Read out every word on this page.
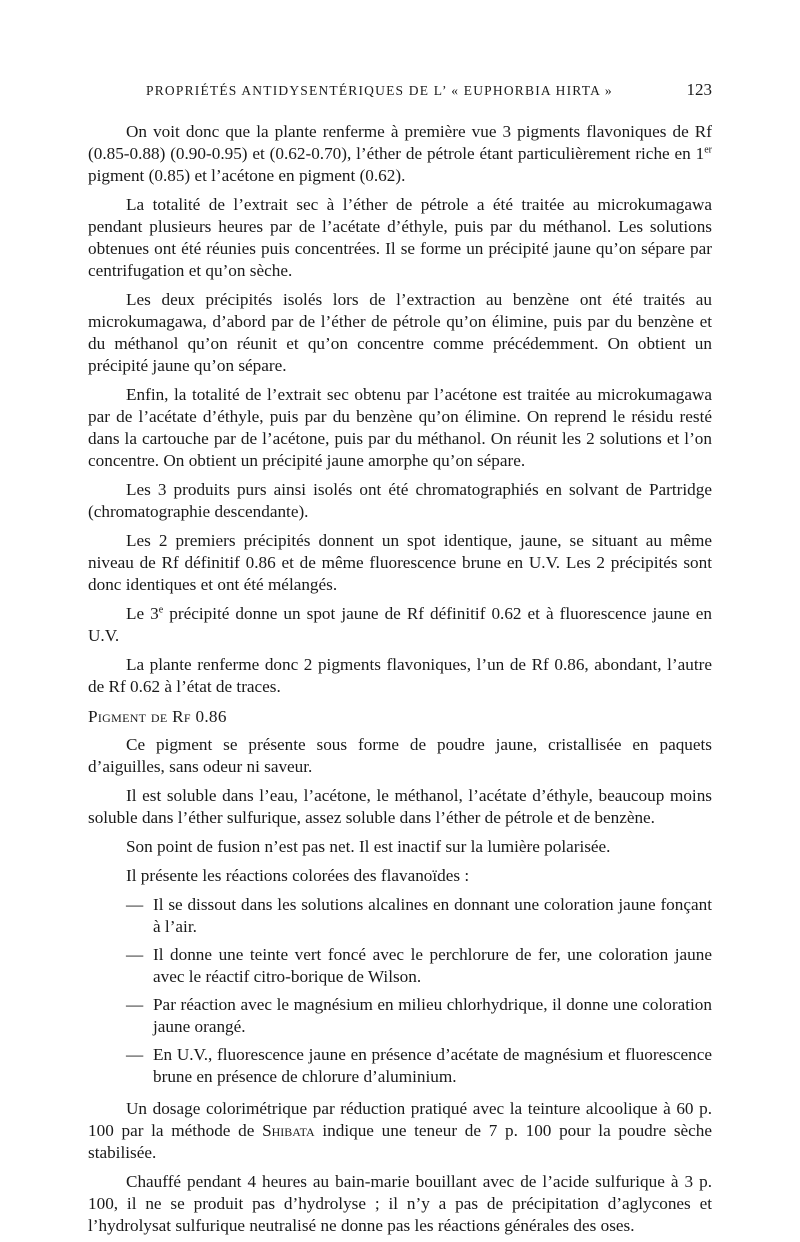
PROPRIÉTÉS ANTIDYSENTÉRIQUES DE L’ « EUPHORBIA HIRTA »	123

On voit donc que la plante renferme à première vue 3 pigments flavoniques de Rf (0.85-0.88) (0.90-0.95) et (0.62-0.70), l’éther de pétrole étant particulièrement riche en 1er pigment (0.85) et l’acétone en pigment (0.62).

La totalité de l’extrait sec à l’éther de pétrole a été traitée au microkumagawa pendant plusieurs heures par de l’acétate d’éthyle, puis par du méthanol. Les solutions obtenues ont été réunies puis concentrées. Il se forme un précipité jaune qu’on sépare par centrifugation et qu’on sèche.

Les deux précipités isolés lors de l’extraction au benzène ont été traités au microkumagawa, d’abord par de l’éther de pétrole qu’on élimine, puis par du benzène et du méthanol qu’on réunit et qu’on concentre comme précédemment. On obtient un précipité jaune qu’on sépare.

Enfin, la totalité de l’extrait sec obtenu par l’acétone est traitée au microkumagawa par de l’acétate d’éthyle, puis par du benzène qu’on élimine. On reprend le résidu resté dans la cartouche par de l’acétone, puis par du méthanol. On réunit les 2 solutions et l’on concentre. On obtient un précipité jaune amorphe qu’on sépare.

Les 3 produits purs ainsi isolés ont été chromatographiés en solvant de Partridge (chromatographie descendante).

Les 2 premiers précipités donnent un spot identique, jaune, se situant au même niveau de Rf définitif 0.86 et de même fluorescence brune en U.V. Les 2 précipités sont donc identiques et ont été mélangés.

Le 3e précipité donne un spot jaune de Rf définitif 0.62 et à fluorescence jaune en U.V.

La plante renferme donc 2 pigments flavoniques, l’un de Rf 0.86, abondant, l’autre de Rf 0.62 à l’état de traces.

Pigment de Rf 0.86

Ce pigment se présente sous forme de poudre jaune, cristallisée en paquets d’aiguilles, sans odeur ni saveur.

Il est soluble dans l’eau, l’acétone, le méthanol, l’acétate d’éthyle, beaucoup moins soluble dans l’éther sulfurique, assez soluble dans l’éther de pétrole et de benzène.

Son point de fusion n’est pas net. Il est inactif sur la lumière polarisée.

Il présente les réactions colorées des flavanoïdes :

— Il se dissout dans les solutions alcalines en donnant une coloration jaune fonçant à l’air.
— Il donne une teinte vert foncé avec le perchlorure de fer, une coloration jaune avec le réactif citro-borique de Wilson.
— Par réaction avec le magnésium en milieu chlorhydrique, il donne une coloration jaune orangé.
— En U.V., fluorescence jaune en présence d’acétate de magnésium et fluorescence brune en présence de chlorure d’aluminium.

Un dosage colorimétrique par réduction pratiqué avec la teinture alcoolique à 60 p. 100 par la méthode de Shibata indique une teneur de 7 p. 100 pour la poudre sèche stabilisée.

Chauffé pendant 4 heures au bain-marie bouillant avec de l’acide sulfurique à 3 p. 100, il ne se produit pas d’hydrolyse ; il n’y a pas de précipitation d’aglycones et l’hydrolysat sulfurique neutralisé ne donne pas les réactions générales des oses.
